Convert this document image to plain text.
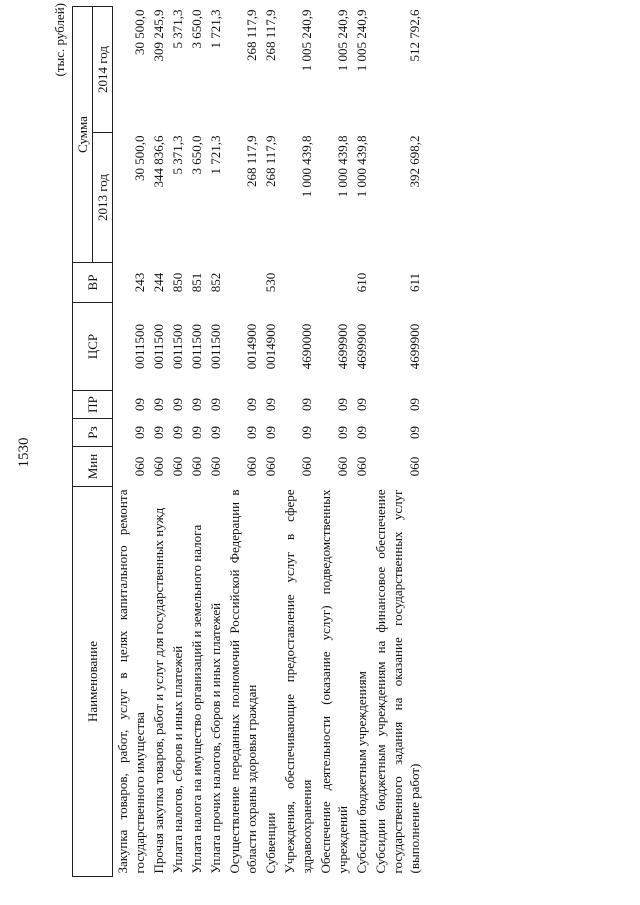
1530
(тыс. рублей)
Наименование	Мин	Рз	ПР	ЦСР	ВР	Сумма	
						2013 год	2014 год
Закупка товаров, работ, услуг в целях капитального ремонта государственного имущества	060	09	09	0011500	243	30 500,0	30 500,0
Прочая закупка товаров, работ и услуг для государственных нужд	060	09	09	0011500	244	344 836,6	309 245,9
Уплата налогов, сборов и иных платежей	060	09	09	0011500	850	5 371,3	5 371,3
Уплата налога на имущество организаций и земельного налога	060	09	09	0011500	851	3 650,0	3 650,0
Уплата прочих налогов, сборов и иных платежей	060	09	09	0011500	852	1 721,3	1 721,3
Осуществление переданных полномочий Российской Федерации в области охраны здоровья граждан	060	09	09	0014900		268 117,9	268 117,9
Субвенции	060	09	09	0014900	530	268 117,9	268 117,9
Учреждения, обеспечивающие предоставление услуг в сфере здравоохранения	060	09	09	4690000		1 000 439,8	1 005 240,9
Обеспечение деятельности (оказание услуг) подведомственных учреждений	060	09	09	4699900		1 000 439,8	1 005 240,9
Субсидии бюджетным учреждениям	060	09	09	4699900	610	1 000 439,8	1 005 240,9
Субсидии бюджетным учреждениям на финансовое обеспечение государственного задания на оказание государственных услуг (выполнение работ)	060	09	09	4699900	611	392 698,2	512 792,6
